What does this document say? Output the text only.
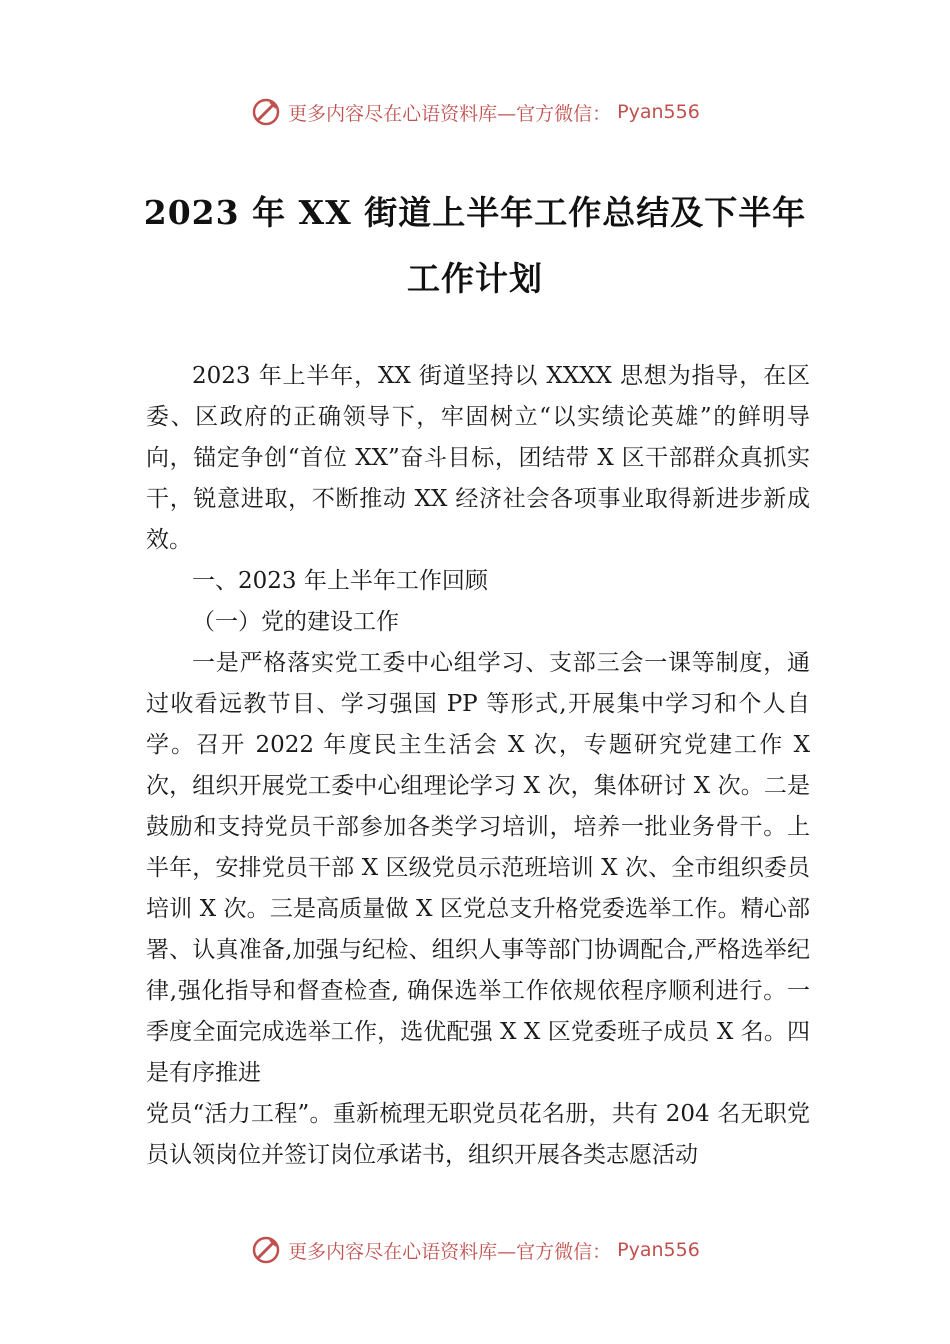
更多内容尽在心语资料库—官方微信： Pyan556
2023 年 XX 街道上半年工作总结及下半年
工作计划

2023 年上半年，XX 街道坚持以 XXXX 思想为指导，在区委、区政府的正确领导下，牢固树立“以实绩论英雄”的鲜明导向，锚定争创“首位 XX”奋斗目标，团结带 X 区干部群众真抓实干，锐意进取，不断推动 XX 经济社会各项事业取得新进步新成效。

一、2023 年上半年工作回顾

（一）党的建设工作

一是严格落实党工委中心组学习、支部三会一课等制度，通过收看远教节目、学习强国 PP 等形式,开展集中学习和个人自学。召开 2022 年度民主生活会 X 次，专题研究党建工作 X 次，组织开展党工委中心组理论学习 X 次，集体研讨 X 次。二是鼓励和支持党员干部参加各类学习培训，培养一批业务骨干。上半年，安排党员干部 X 区级党员示范班培训 X 次、全市组织委员培训 X 次。三是高质量做 X 区党总支升格党委选举工作。精心部署、认真准备,加强与纪检、组织人事等部门协调配合,严格选举纪律,强化指导和督查检查, 确保选举工作依规依程序顺利进行。一季度全面完成选举工作，选优配强 X X 区党委班子成员 X 名。四是有序推进

党员“活力工程”。重新梳理无职党员花名册，共有 204 名无职党员认领岗位并签订岗位承诺书，组织开展各类志愿活动

更多内容尽在心语资料库—官方微信： Pyan556
